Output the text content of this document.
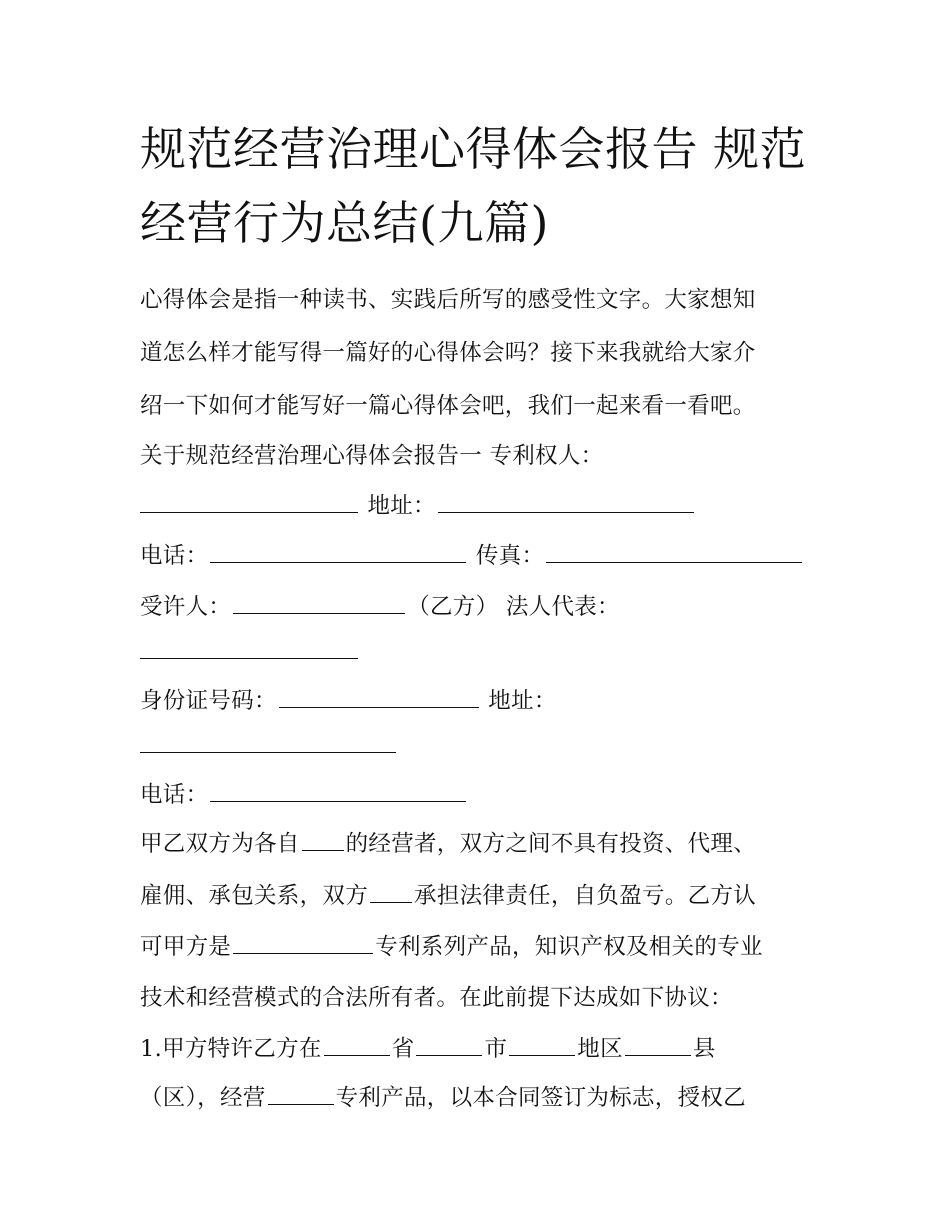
规范经营治理心得体会报告 规范经营行为总结(九篇)
心得体会是指一种读书、实践后所写的感受性文字。大家想知
道怎么样才能写得一篇好的心得体会吗？接下来我就给大家介
绍一下如何才能写好一篇心得体会吧，我们一起来看一看吧。
关于规范经营治理心得体会报告一 专利权人：
地址：
电话：	传真：
受许人：	（乙方） 法人代表：
身份证号码：	地址：
电话：
甲乙双方为各自 的经营者，双方之间不具有投资、代理、
雇佣、承包关系，双方 承担法律责任，自负盈亏。乙方认
可甲方是	专利系列产品，知识产权及相关的专业
技术和经营模式的合法所有者。在此前提下达成如下协议：
1.甲方特许乙方在	省	市	地区	县
（区），经营	专利产品，以本合同签订为标志，授权乙
